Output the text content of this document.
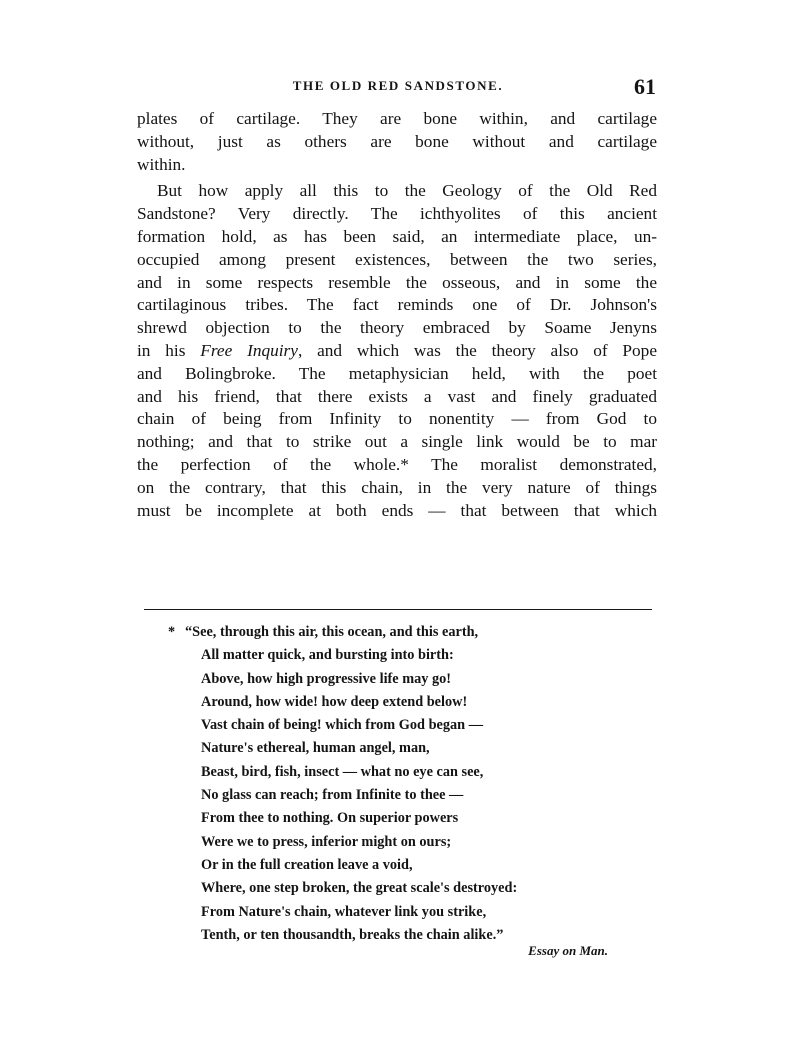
THE OLD RED SANDSTONE.	61
plates of cartilage. They are bone within, and cartilage
without, just as others are bone without and cartilage
within.
But how apply all this to the Geology of the Old Red
Sandstone? Very directly. The ichthyolites of this ancient
formation hold, as has been said, an intermediate place, un-
occupied among present existences, between the two series,
and in some respects resemble the osseous, and in some the
cartilaginous tribes. The fact reminds one of Dr. Johnson's
shrewd objection to the theory embraced by Soame Jenyns
in his Free Inquiry, and which was the theory also of Pope
and Bolingbroke. The metaphysician held, with the poet
and his friend, that there exists a vast and finely graduated
chain of being from Infinity to nonentity — from God to
nothing; and that to strike out a single link would be to mar
the perfection of the whole.* The moralist demonstrated,
on the contrary, that this chain, in the very nature of things
must be incomplete at both ends — that between that which
* “See, through this air, this ocean, and this earth,
All matter quick, and bursting into birth:
Above, how high progressive life may go!
Around, how wide! how deep extend below!
Vast chain of being! which from God began —
Nature's ethereal, human angel, man,
Beast, bird, fish, insect — what no eye can see,
No glass can reach; from Infinite to thee —
From thee to nothing. On superior powers
Were we to press, inferior might on ours;
Or in the full creation leave a void,
Where, one step broken, the great scale's destroyed:
From Nature's chain, whatever link you strike,
Tenth, or ten thousandth, breaks the chain alike.”
Essay on Man.
